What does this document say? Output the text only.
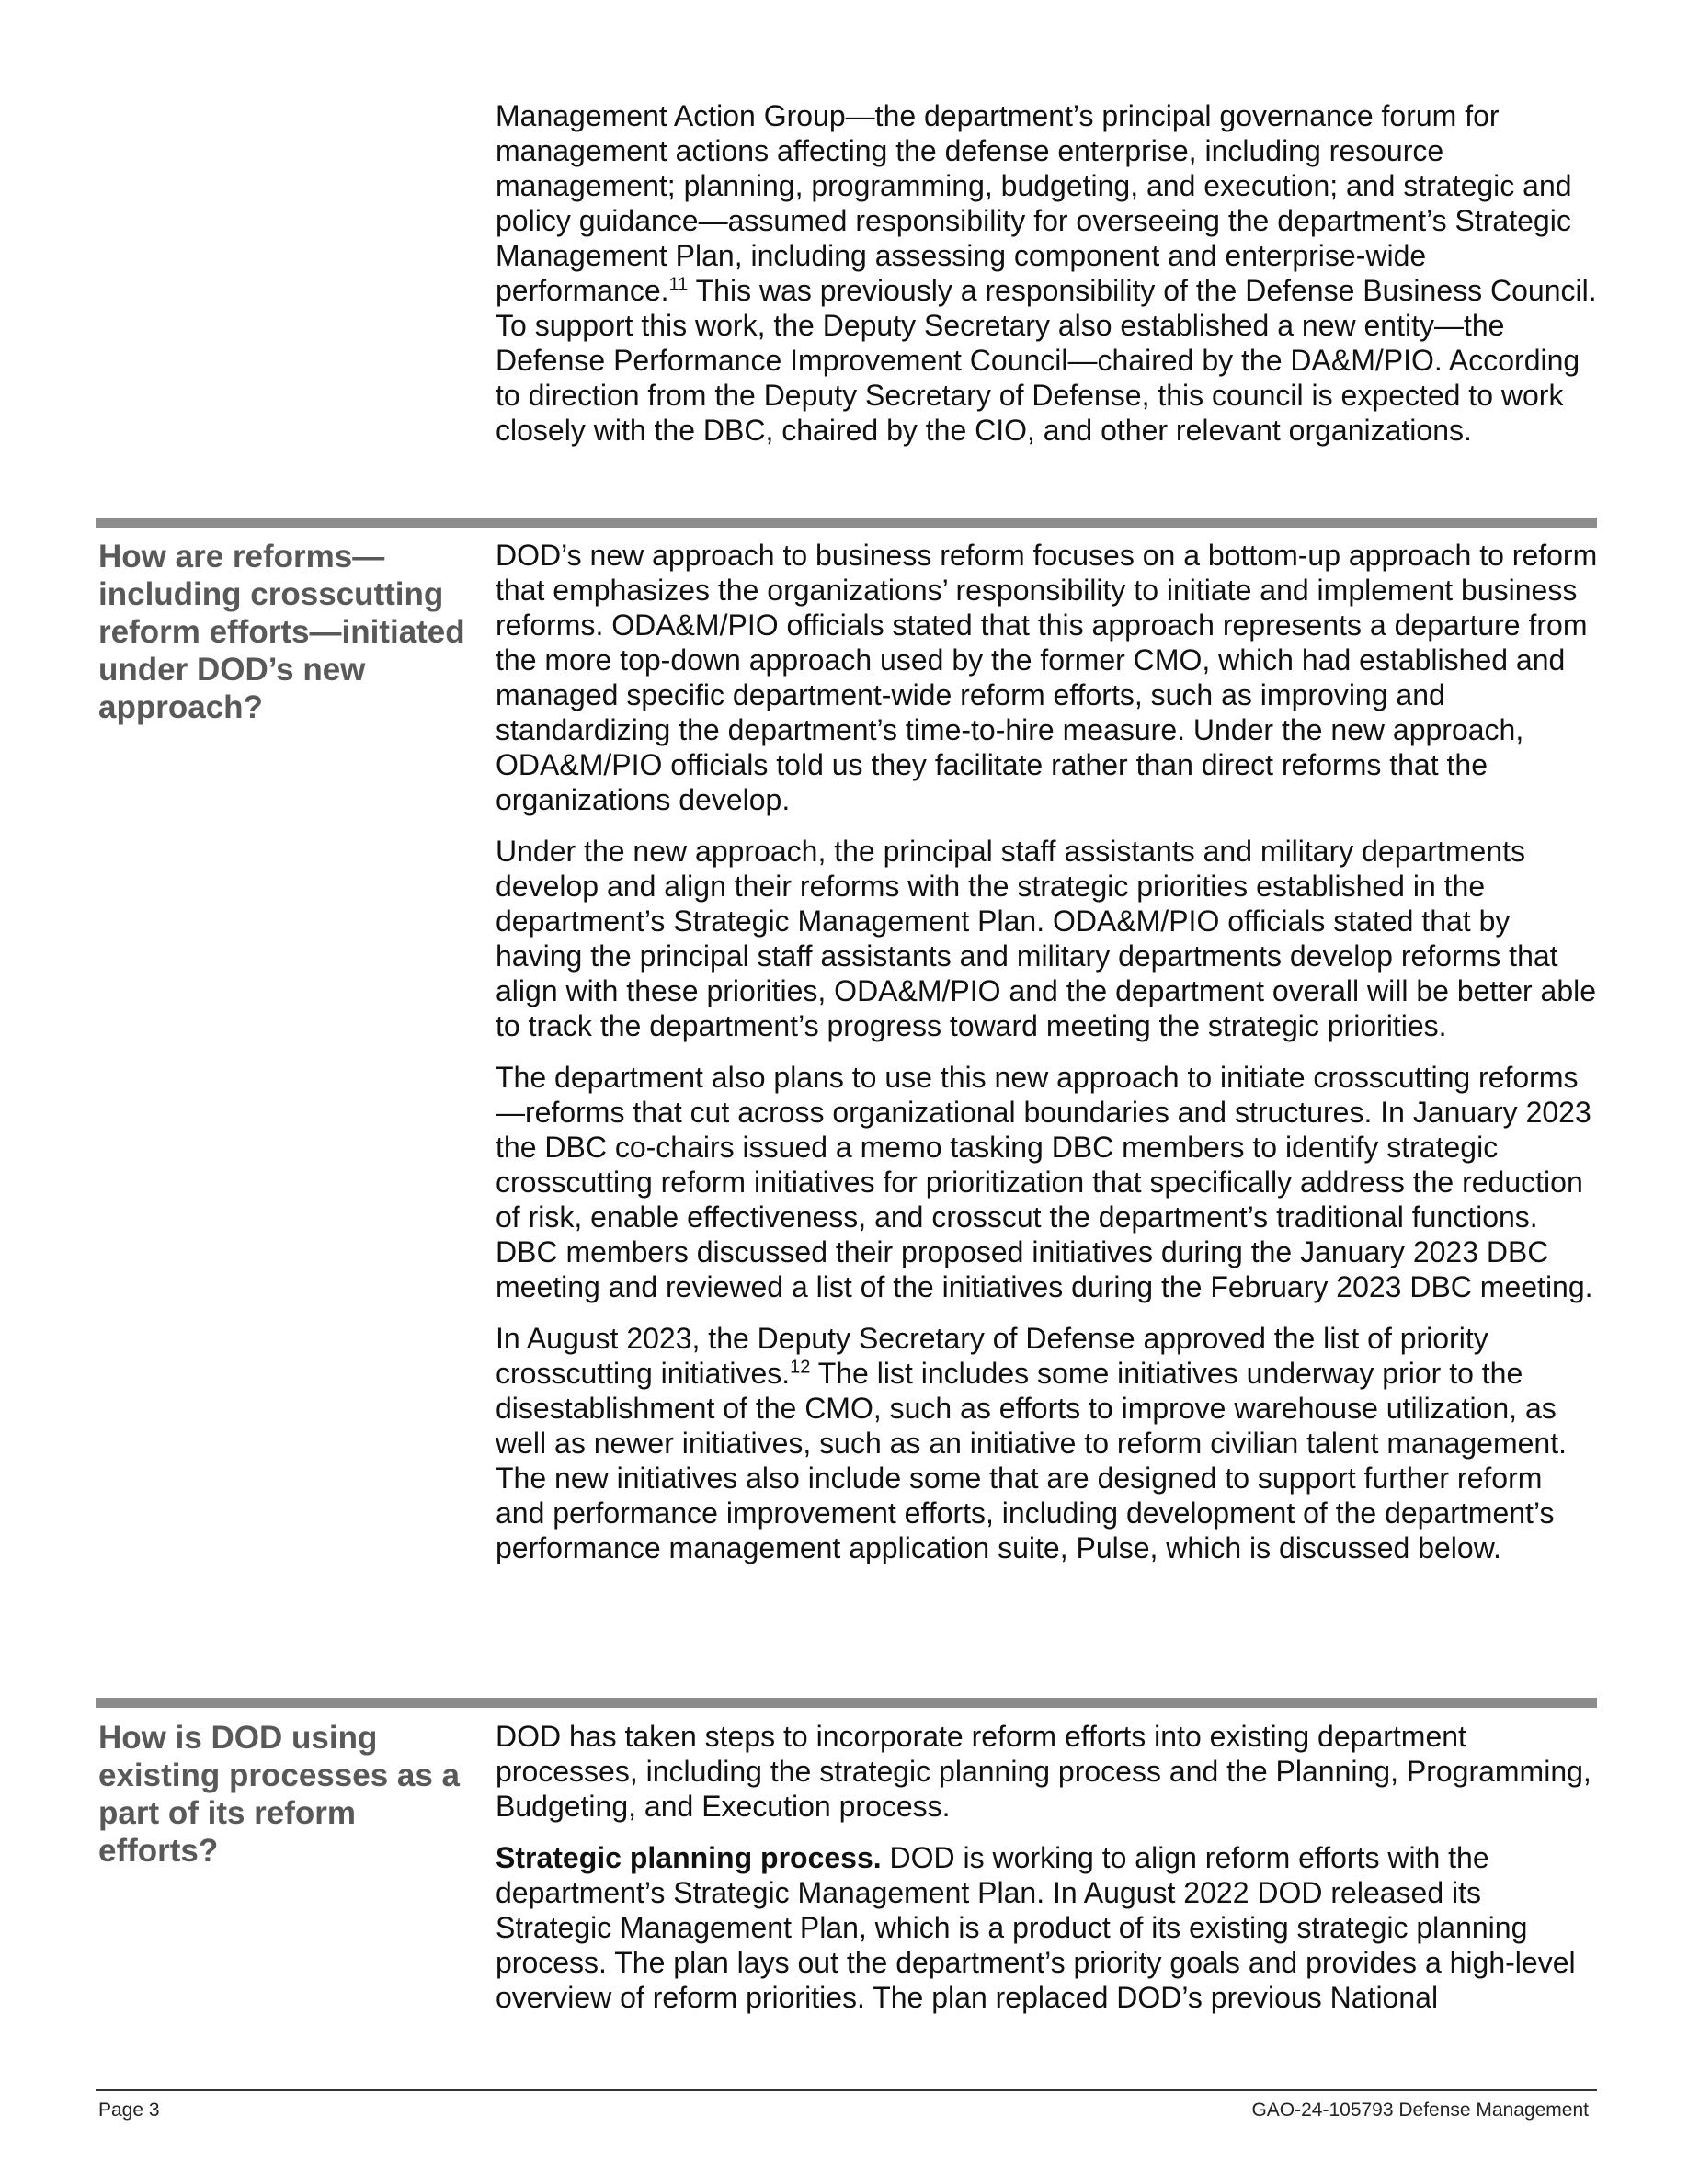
Management Action Group—the department’s principal governance forum for management actions affecting the defense enterprise, including resource management; planning, programming, budgeting, and execution; and strategic and policy guidance—assumed responsibility for overseeing the department’s Strategic Management Plan, including assessing component and enterprise-wide performance.$^{11}$ This was previously a responsibility of the Defense Business Council. To support this work, the Deputy Secretary also established a new entity—the Defense Performance Improvement Council—chaired by the DA&M/PIO. According to direction from the Deputy Secretary of Defense, this council is expected to work closely with the DBC, chaired by the CIO, and other relevant organizations.

How are reforms—including crosscutting reform efforts—initiated under DOD’s new approach?

DOD’s new approach to business reform focuses on a bottom-up approach to reform that emphasizes the organizations’ responsibility to initiate and implement business reforms. ODA&M/PIO officials stated that this approach represents a departure from the more top-down approach used by the former CMO, which had established and managed specific department-wide reform efforts, such as improving and standardizing the department’s time-to-hire measure. Under the new approach, ODA&M/PIO officials told us they facilitate rather than direct reforms that the organizations develop.

Under the new approach, the principal staff assistants and military departments develop and align their reforms with the strategic priorities established in the department’s Strategic Management Plan. ODA&M/PIO officials stated that by having the principal staff assistants and military departments develop reforms that align with these priorities, ODA&M/PIO and the department overall will be better able to track the department’s progress toward meeting the strategic priorities.

The department also plans to use this new approach to initiate crosscutting reforms—reforms that cut across organizational boundaries and structures. In January 2023 the DBC co-chairs issued a memo tasking DBC members to identify strategic crosscutting reform initiatives for prioritization that specifically address the reduction of risk, enable effectiveness, and crosscut the department’s traditional functions. DBC members discussed their proposed initiatives during the January 2023 DBC meeting and reviewed a list of the initiatives during the February 2023 DBC meeting.

In August 2023, the Deputy Secretary of Defense approved the list of priority crosscutting initiatives.$^{12}$ The list includes some initiatives underway prior to the disestablishment of the CMO, such as efforts to improve warehouse utilization, as well as newer initiatives, such as an initiative to reform civilian talent management. The new initiatives also include some that are designed to support further reform and performance improvement efforts, including development of the department’s performance management application suite, Pulse, which is discussed below.

How is DOD using existing processes as a part of its reform efforts?

DOD has taken steps to incorporate reform efforts into existing department processes, including the strategic planning process and the Planning, Programming, Budgeting, and Execution process.

Strategic planning process. DOD is working to align reform efforts with the department’s Strategic Management Plan. In August 2022 DOD released its Strategic Management Plan, which is a product of its existing strategic planning process. The plan lays out the department’s priority goals and provides a high-level overview of reform priorities. The plan replaced DOD’s previous National

Page 3	GAO-24-105793 Defense Management
